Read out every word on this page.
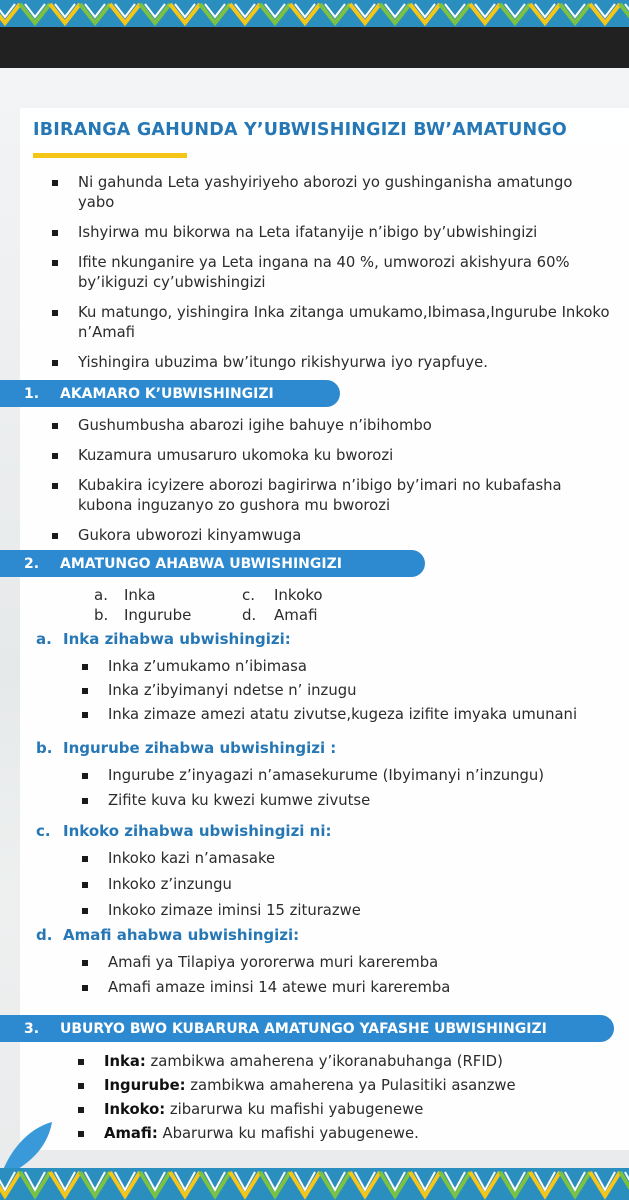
IBIRANGA GAHUNDA Y’UBWISHINGIZI BW’AMATUNGO
Ni gahunda Leta yashyiriyeho aborozi yo gushinganisha amatungo yabo
Ishyirwa mu bikorwa na Leta ifatanyije n’ibigo by’ubwishingizi
Ifite nkunganire ya Leta ingana na 40 %, umworozi akishyura 60% by’ikiguzi cy’ubwishingizi
Ku matungo, yishingira Inka zitanga umukamo,Ibimasa,Ingurube Inkoko n’Amafi
Yishingira ubuzima bw’itungo rikishyurwa iyo ryapfuye.
1.	AKAMARO K’UBWISHINGIZI
Gushumbusha abarozi igihe bahuye n’ibihombo
Kuzamura umusaruro ukomoka ku bworozi
Kubakira icyizere aborozi bagirirwa n’ibigo by’imari no kubafasha kubona inguzanyo zo gushora mu bworozi
Gukora ubworozi kinyamwuga
2.	AMATUNGO AHABWA UBWISHINGIZI
a. Inka	c. Inkoko
b. Ingurube	d. Amafi
a. Inka zihabwa ubwishingizi:
Inka z’umukamo n’ibimasa
Inka z’ibyimanyi ndetse n’ inzugu
Inka zimaze amezi atatu zivutse,kugeza izifite imyaka umunani
b. Ingurube zihabwa ubwishingizi :
Ingurube z’inyagazi n’amasekurume (Ibyimanyi n’inzungu)
Zifite kuva ku kwezi kumwe zivutse
c. Inkoko zihabwa ubwishingizi ni:
Inkoko kazi n’amasake
Inkoko z’inzungu
Inkoko zimaze iminsi 15 ziturazwe
d. Amafi ahabwa ubwishingizi:
Amafi ya Tilapiya yororerwa muri kareremba
Amafi amaze iminsi 14 atewe muri kareremba
3.	UBURYO BWO KUBARURA AMATUNGO YAFASHE UBWISHINGIZI
Inka: zambikwa amaherena y’ikoranabuhanga (RFID)
Ingurube: zambikwa amaherena ya Pulasitiki asanzwe
Inkoko: zibarurwa ku mafishi yabugenewe
Amafi: Abarurwa ku mafishi yabugenewe.
